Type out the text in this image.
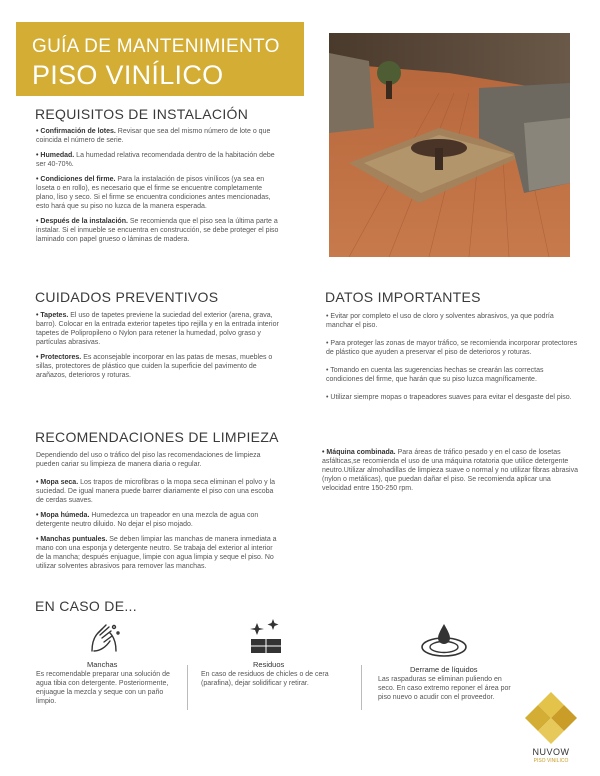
GUÍA DE MANTENIMIENTO
PISO VINÍLICO
REQUISITOS DE INSTALACIÓN

• Confirmación de lotes. Revisar que sea del mismo número de lote o que coincida el número de serie.

• Humedad. La humedad relativa recomendada dentro de la habitación debe ser 40-70%.

• Condiciones del firme. Para la instalación de pisos vinílicos (ya sea en loseta o en rollo), es necesario que el firme se encuentre completamente plano, liso y seco. Si el firme se encuentra condiciones antes mencionadas, esto hará que su piso no luzca de la manera esperada.

• Después de la instalación. Se recomienda que el piso sea la última parte a instalar. Si el inmueble se encuentra en construcción, se debe proteger el piso laminado con papel grueso o láminas de madera.

CUIDADOS PREVENTIVOS

• Tapetes. El uso de tapetes previene la suciedad del exterior (arena, grava, barro). Colocar en la entrada exterior tapetes tipo rejilla y en la entrada interior tapetes de Polipropileno o Nylon para retener la humedad, polvo graso y partículas abrasivas.

• Protectores. Es aconsejable incorporar en las patas de mesas, muebles o sillas, protectores de plástico que cuiden la superficie del pavimento de arañazos, deterioros y roturas.

DATOS IMPORTANTES

• Evitar por completo el uso de cloro y solventes abrasivos, ya que podría manchar el piso.

• Para proteger las zonas de mayor tráfico, se recomienda incorporar protectores de plástico que ayuden a preservar el piso de deterioros y roturas.

• Tomando en cuenta las sugerencias hechas se crearán las correctas condiciones del firme, que harán que su piso luzca magníficamente.

• Utilizar siempre mopas o trapeadores suaves para evitar el desgaste del piso.

RECOMENDACIONES DE LIMPIEZA
Dependiendo del uso o tráfico del piso las recomendaciones de limpieza pueden cariar su limpieza de manera diaria o regular.

• Mopa seca. Los trapos de microfibras o la mopa seca eliminan el polvo y la suciedad. De igual manera puede barrer diariamente el piso con una escoba de cerdas suaves.

• Mopa húmeda. Humedezca un trapeador en una mezcla de agua con detergente neutro diluido. No dejar el piso mojado.

• Manchas puntuales. Se deben limpiar las manchas de manera inmediata a mano con una esponja y detergente neutro. Se trabaja del exterior al interior de la mancha; después enjuague, limpie con agua limpia y seque el piso. No utilizar solventes abrasivos para remover las manchas.

• Máquina combinada. Para áreas de tráfico pesado y en el caso de losetas asfálticas,se recomienda el uso de una máquina rotatoria que utilice detergente neutro.Utilizar almohadillas de limpieza suave o normal y no utilizar fibras abrasiva (nylon o metálicas), que puedan dañar el piso. Se recomienda aplicar una velocidad entre 150-250 rpm.
EN CASO DE...
Manchas
Es recomendable preparar una solución de agua tibia con detergente. Posteriormente, enjuague la mezcla y seque con un paño limpio.
Residuos
En caso de residuos de chicles o de cera (parafina), dejar solidificar y retirar.
Derrame de líquidos
Las raspaduras se eliminan puliendo en seco. En caso extremo reponer el área por piso nuevo o acudir con el proveedor.
NUVOW
PISO VINILICO
